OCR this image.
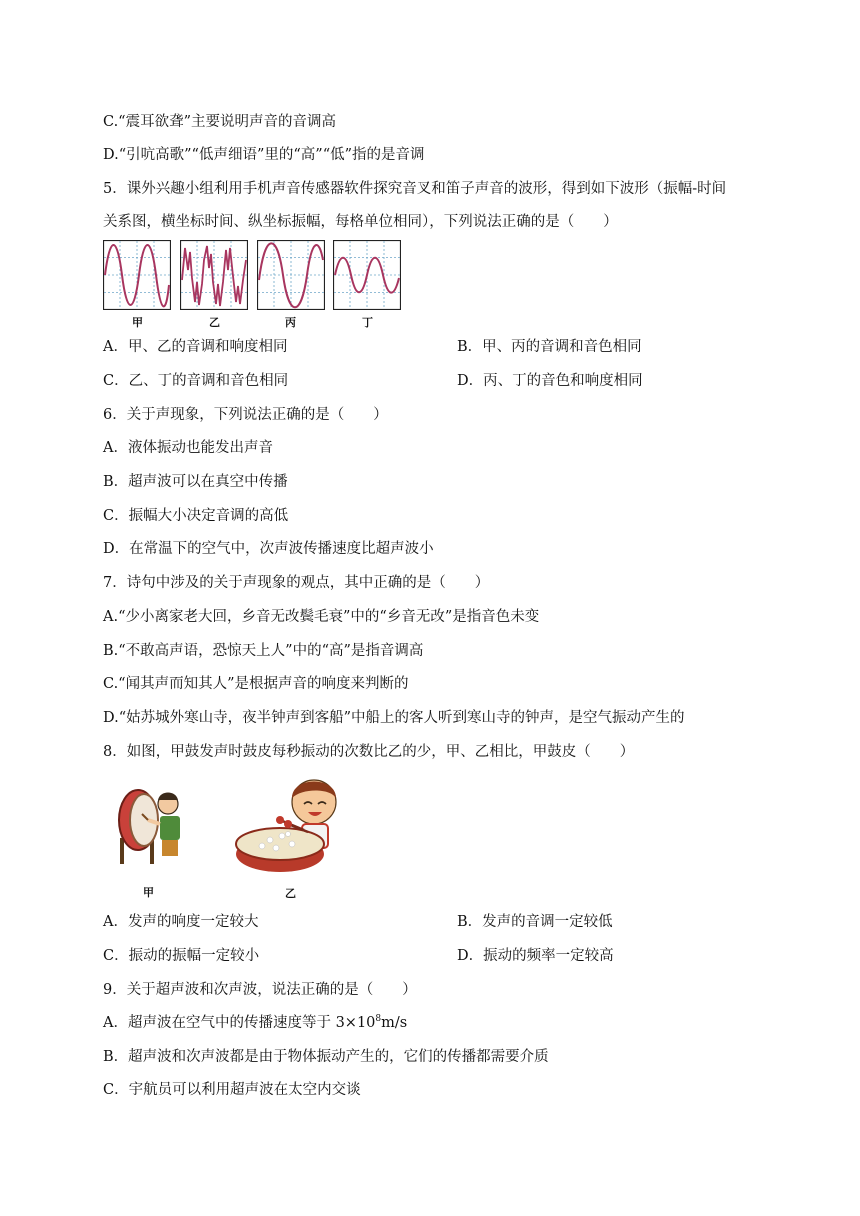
C.“震耳欲聋”主要说明声音的音调高
D.“引吭高歌”“低声细语”里的“高”“低”指的是音调
5．课外兴趣小组利用手机声音传感器软件探究音叉和笛子声音的波形，得到如下波形（振幅-时间
关系图，横坐标时间、纵坐标振幅，每格单位相同），下列说法正确的是（　　）
甲	乙	丙	丁
A．甲、乙的音调和响度相同	B．甲、丙的音调和音色相同
C．乙、丁的音调和音色相同	D．丙、丁的音色和响度相同
6．关于声现象，下列说法正确的是（　　）
A．液体振动也能发出声音
B．超声波可以在真空中传播
C．振幅大小决定音调的高低
D．在常温下的空气中，次声波传播速度比超声波小
7．诗句中涉及的关于声现象的观点，其中正确的是（　　）
A.“少小离家老大回，乡音无改鬓毛衰”中的“乡音无改”是指音色未变
B.“不敢高声语，恐惊天上人”中的“高”是指音调高
C.“闻其声而知其人”是根据声音的响度来判断的
D.“姑苏城外寒山寺，夜半钟声到客船”中船上的客人听到寒山寺的钟声，是空气振动产生的
8．如图，甲鼓发声时鼓皮每秒振动的次数比乙的少，甲、乙相比，甲鼓皮（　　）
甲	乙
A．发声的响度一定较大	B．发声的音调一定较低
C．振动的振幅一定较小	D．振动的频率一定较高
9．关于超声波和次声波，说法正确的是（　　）
A．超声波在空气中的传播速度等于 $3\times 10^8m/s$
B．超声波和次声波都是由于物体振动产生的，它们的传播都需要介质
C．宇航员可以利用超声波在太空内交谈
